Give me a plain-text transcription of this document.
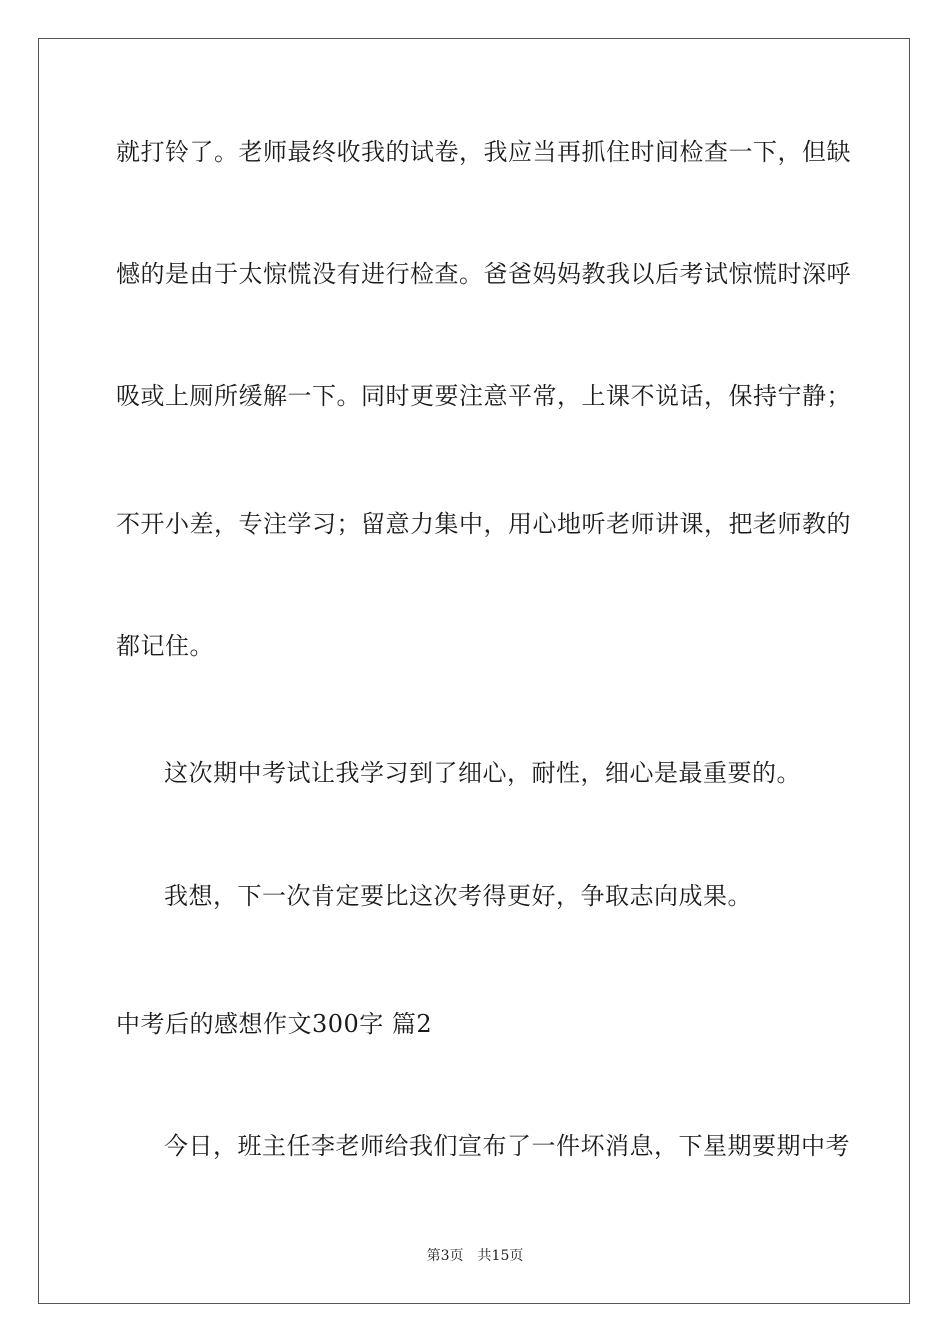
就打铃了。老师最终收我的试卷，我应当再抓住时间检查一下，但缺
憾的是由于太惊慌没有进行检查。爸爸妈妈教我以后考试惊慌时深呼
吸或上厕所缓解一下。同时更要注意平常，上课不说话，保持宁静；
不开小差，专注学习；留意力集中，用心地听老师讲课，把老师教的
都记住。
这次期中考试让我学习到了细心，耐性，细心是最重要的。
我想，下一次肯定要比这次考得更好，争取志向成果。
中考后的感想作文300字 篇2
今日，班主任李老师给我们宣布了一件坏消息，下星期要期中考
第3页 共15页
